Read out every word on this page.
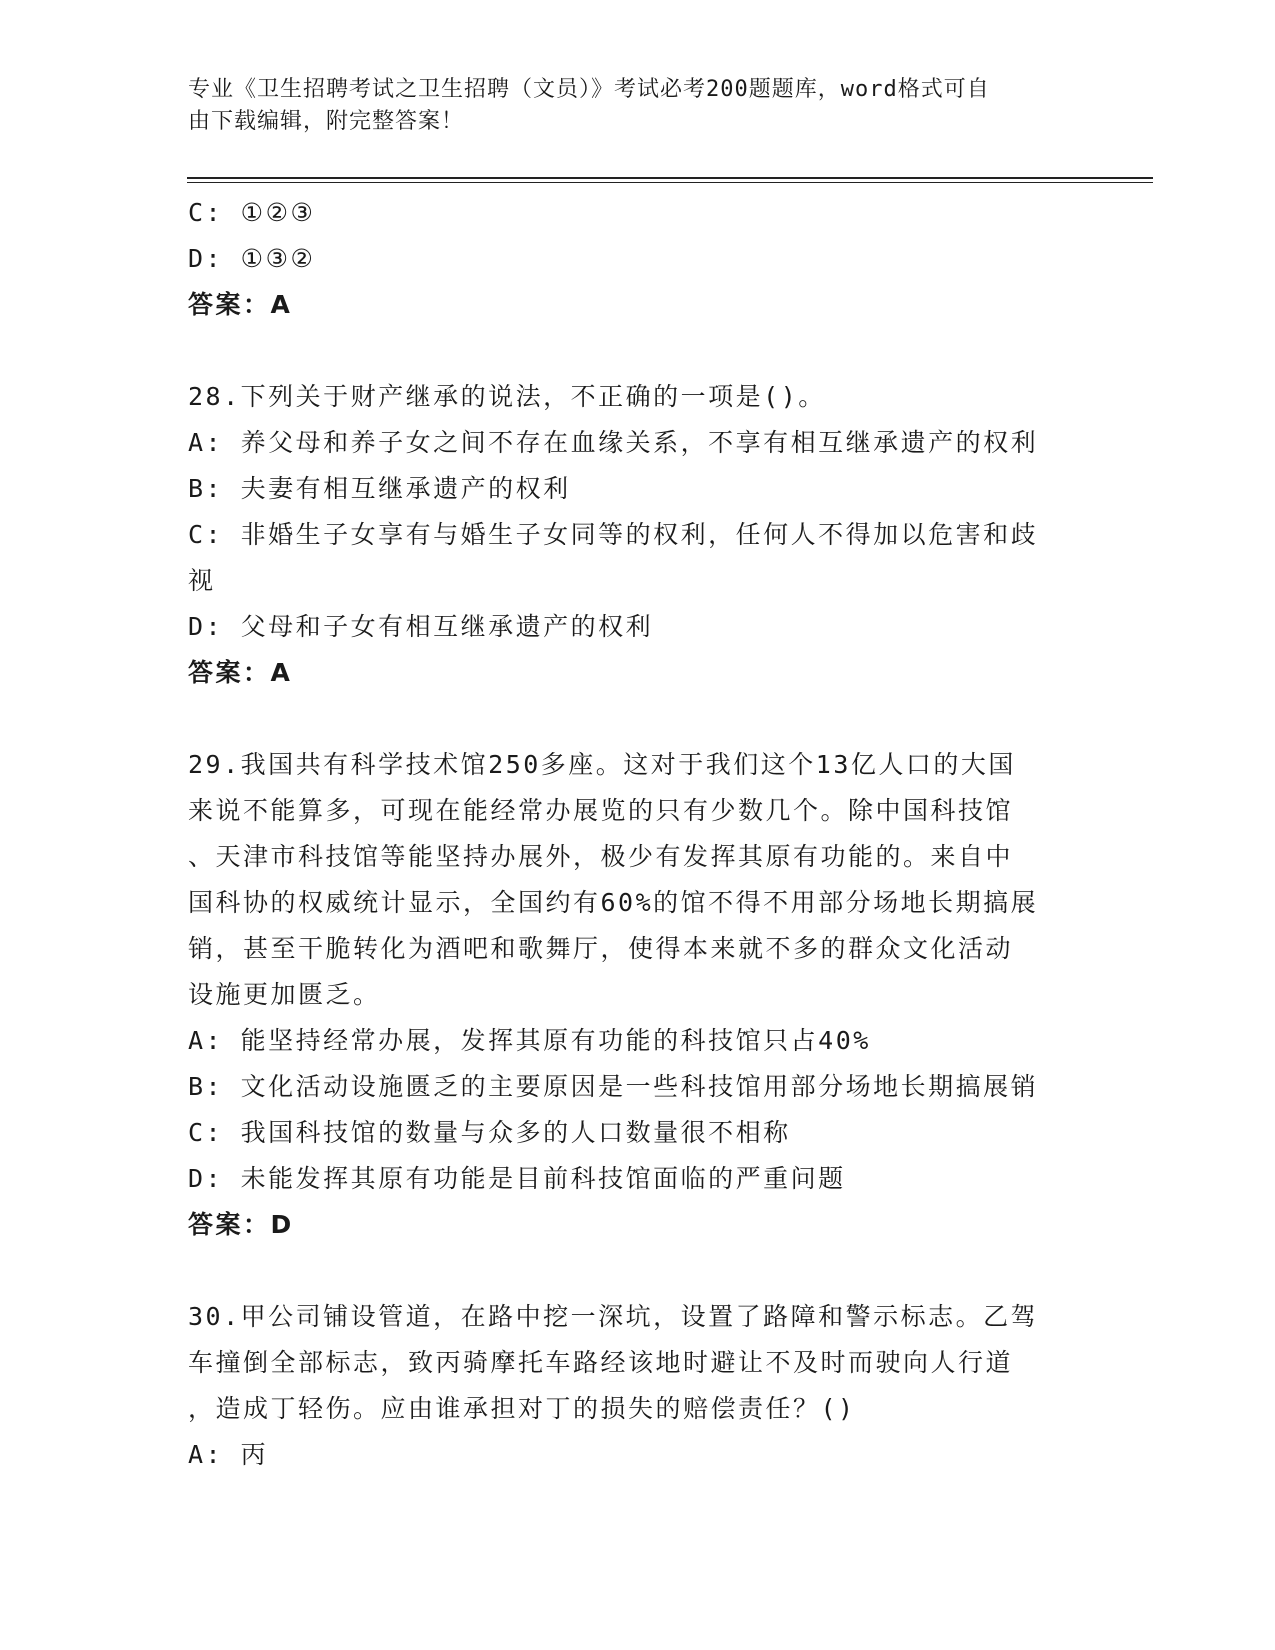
专业《卫生招聘考试之卫生招聘（文员）》考试必考200题题库，word格式可自
由下载编辑，附完整答案！
C: ①②③
D: ①③②
答案：A
28.下列关于财产继承的说法，不正确的一项是()。
A: 养父母和养子女之间不存在血缘关系，不享有相互继承遗产的权利
B: 夫妻有相互继承遗产的权利
C: 非婚生子女享有与婚生子女同等的权利，任何人不得加以危害和歧
视
D: 父母和子女有相互继承遗产的权利
答案：A
29.我国共有科学技术馆250多座。这对于我们这个13亿人口的大国
来说不能算多，可现在能经常办展览的只有少数几个。除中国科技馆
、天津市科技馆等能坚持办展外，极少有发挥其原有功能的。来自中
国科协的权威统计显示，全国约有60%的馆不得不用部分场地长期搞展
销，甚至干脆转化为酒吧和歌舞厅，使得本来就不多的群众文化活动
设施更加匮乏。
A: 能坚持经常办展，发挥其原有功能的科技馆只占40%
B: 文化活动设施匮乏的主要原因是一些科技馆用部分场地长期搞展销
C: 我国科技馆的数量与众多的人口数量很不相称
D: 未能发挥其原有功能是目前科技馆面临的严重问题
答案：D
30.甲公司铺设管道，在路中挖一深坑，设置了路障和警示标志。乙驾
车撞倒全部标志，致丙骑摩托车路经该地时避让不及时而驶向人行道
，造成丁轻伤。应由谁承担对丁的损失的赔偿责任？()
A: 丙
